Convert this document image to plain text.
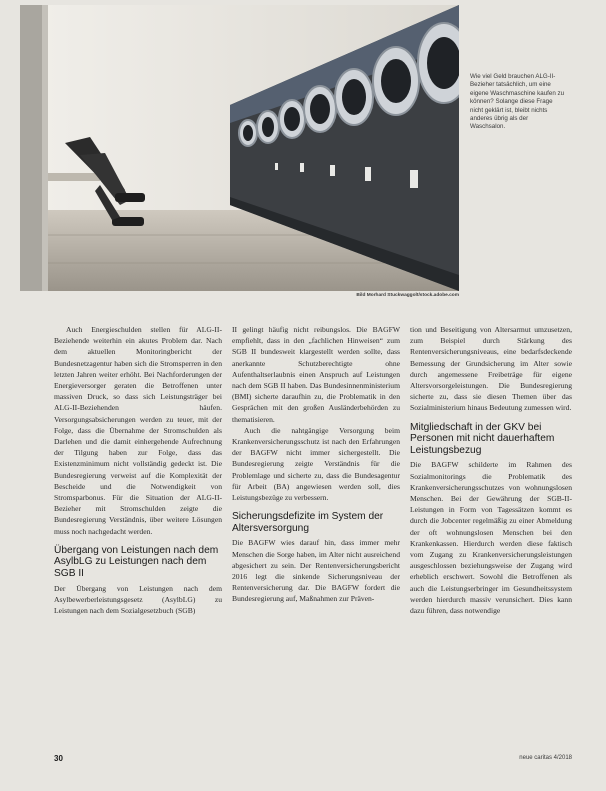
Wie viel Geld brauchen ALG-II-Bezieher tatsächlich, um eine eigene Waschmaschine kaufen zu können? Solange diese Frage nicht geklärt ist, bleibt nichts anderes übrig als der Waschsalon.
Bild Morhard Stuckwaggolt/stock.adobe.com

Auch Energieschulden stellen für ALG-II-Beziehende weiterhin ein akutes Problem dar. Nach dem aktuellen Monitoringbericht der Bundesnetzagentur haben sich die Stromsperren in den letzten Jahren weiter erhöht. Bei Nachforderungen der Energieversorger geraten die Betroffenen unter massiven Druck, so dass sich Leistungsträger bei ALG-II-Beziehenden häufen. Versorgungsabsicherungen werden zu teuer, mit der Folge, dass die Übernahme der Stromschulden als Darlehen und die damit einhergehende Aufrechnung der Tilgung haben zur Folge, dass das Existenzminimum nicht vollständig gedeckt ist. Die Bundesregierung verweist auf die Komplexität der Bescheide und die Notwendigkeit von Stromsparbonus. Für die Situation der ALG-II-Bezieher mit Stromschulden zeigte die Bundesregierung Verständnis, über weitere Lösungen muss noch nachgedacht werden.

Übergang von Leistungen nach dem AsylbLG zu Leistungen nach dem SGB II

Der Übergang von Leistungen nach dem Asylbewerberleistungsgesetz (AsylbLG) zu Leistungen nach dem Sozialgesetzbuch (SGB)

II gelingt häufig nicht reibungslos. Die BAGFW empfiehlt, dass in den „fachlichen Hinweisen“ zum SGB II bundesweit klargestellt werden sollte, dass anerkannte Schutzberechtigte ohne Aufenthaltserlaubnis einen Anspruch auf Leistungen nach dem SGB II haben. Das Bundesinnenministerium (BMI) sicherte daraufhin zu, die Problematik in den Gesprächen mit den großen Ausländerbehörden zu thematisieren.

Auch die nahtgängige Versorgung beim Krankenversicherungsschutz ist nach den Erfahrungen der BAGFW nicht immer sichergestellt. Die Bundesregierung zeigte Verständnis für die Problemlage und sicherte zu, dass die Bundesagentur für Arbeit (BA) angewiesen werden soll, dies Leistungsbezüge zu verbessern.

Sicherungsdefizite im System der Altersversorgung

Die BAGFW wies darauf hin, dass immer mehr Menschen die Sorge haben, im Alter nicht ausreichend abgesichert zu sein. Der Rentenversicherungsbericht 2016 legt die sinkende Sicherungsniveau der Rentenversicherung dar. Die BAGFW fordert die Bundesregierung auf, Maßnahmen zur Präven-

tion und Beseitigung von Altersarmut umzusetzen, zum Beispiel durch Stärkung des Rentenversicherungsniveaus, eine bedarfsdeckende Bemessung der Grundsicherung im Alter sowie durch angemessene Freibeträge für eigene Altersvorsorgeleistungen. Die Bundesregierung sicherte zu, dass sie diesen Themen über das Sozialministerium hinaus Bedeutung zumessen wird.

Mitgliedschaft in der GKV bei Personen mit nicht dauerhaftem Leistungsbezug

Die BAGFW schilderte im Rahmen des Sozialmonitorings die Problematik des Krankenversicherungsschutzes von wohnungslosen Menschen. Bei der Gewährung der SGB-II-Leistungen in Form von Tagessätzen kommt es durch die Jobcenter regelmäßig zu einer Abmeldung der oft wohnungslosen Menschen bei den Krankenkassen. Hierdurch werden diese faktisch vom Zugang zu Krankenversicherungsleistungen ausgeschlossen beziehungsweise der Zugang wird erheblich erschwert. Sowohl die Betroffenen als auch die Leistungserbringer im Gesundheitssystem werden hierdurch massiv verunsichert. Dies kann dazu führen, dass notwendige

30	neue caritas 4/2018
